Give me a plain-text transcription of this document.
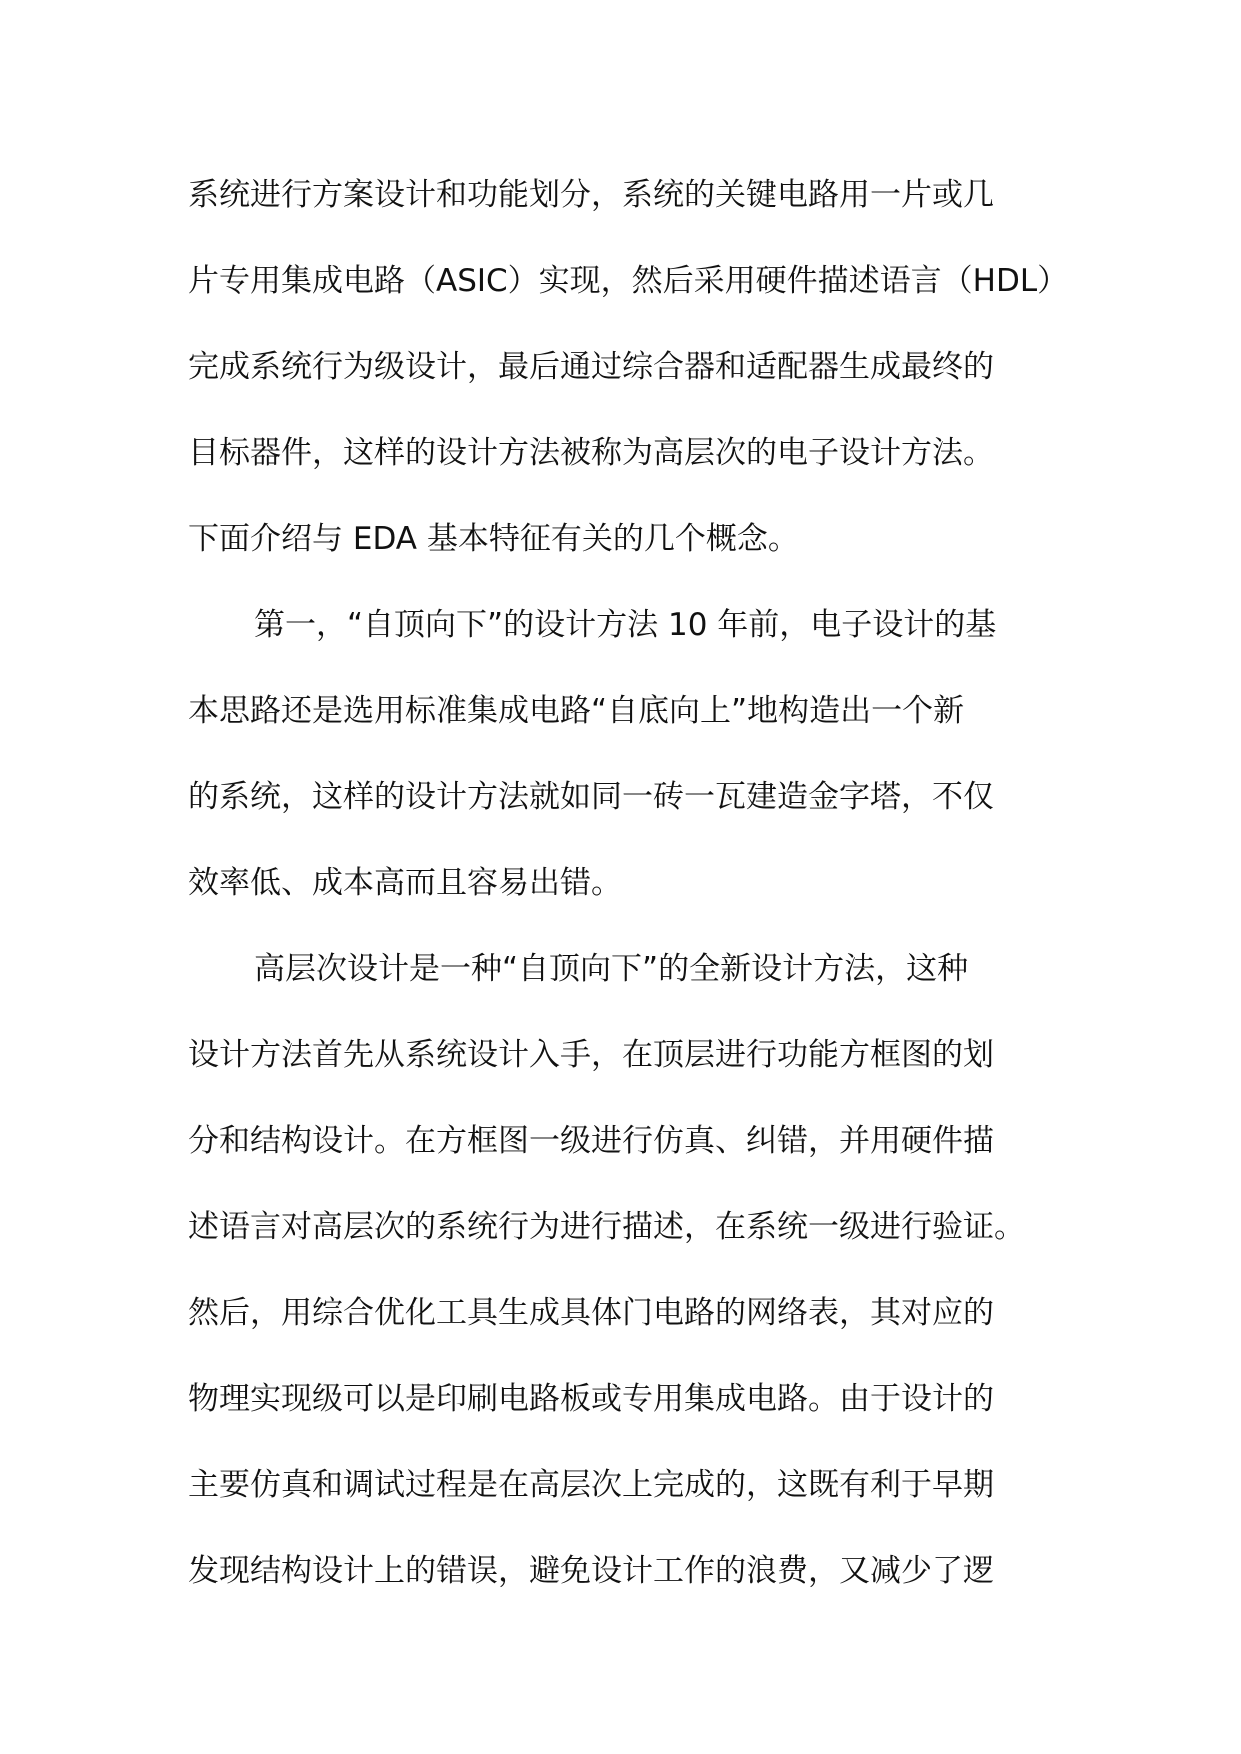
系统进行方案设计和功能划分，系统的关键电路用一片或几
片专用集成电路（ASIC）实现，然后采用硬件描述语言（HDL）
完成系统行为级设计，最后通过综合器和适配器生成最终的
目标器件，这样的设计方法被称为高层次的电子设计方法。
下面介绍与 EDA 基本特征有关的几个概念。
第一，“自顶向下”的设计方法 10 年前，电子设计的基
本思路还是选用标准集成电路“自底向上”地构造出一个新
的系统，这样的设计方法就如同一砖一瓦建造金字塔，不仅
效率低、成本高而且容易出错。
高层次设计是一种“自顶向下”的全新设计方法，这种
设计方法首先从系统设计入手，在顶层进行功能方框图的划
分和结构设计。在方框图一级进行仿真、纠错，并用硬件描
述语言对高层次的系统行为进行描述，在系统一级进行验证。
然后，用综合优化工具生成具体门电路的网络表，其对应的
物理实现级可以是印刷电路板或专用集成电路。由于设计的
主要仿真和调试过程是在高层次上完成的，这既有利于早期
发现结构设计上的错误，避免设计工作的浪费，又减少了逻
